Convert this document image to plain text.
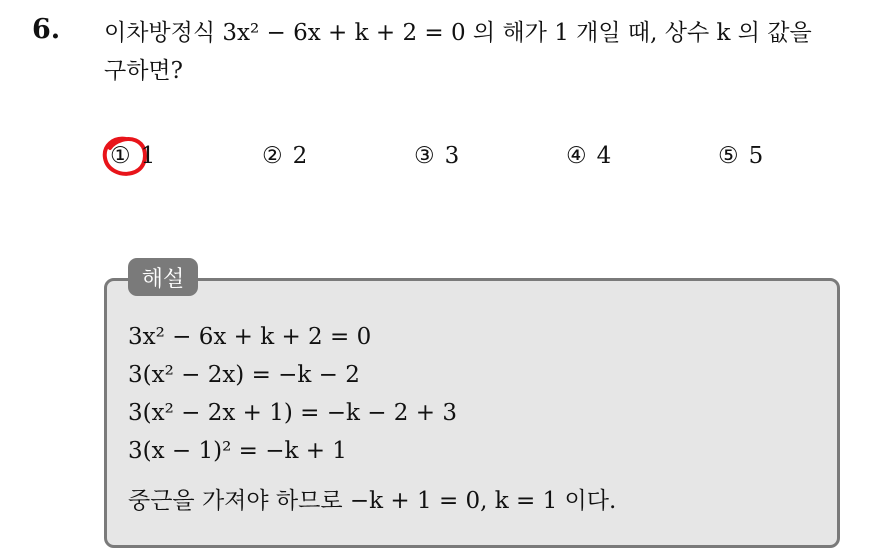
6. 이차방정식 3x² − 6x + k + 2 = 0 의 해가 1 개일 때, 상수 k 의 값을
구하면?
① 1	② 2	③ 3	④ 4	⑤ 5
해설
3x² − 6x + k + 2 = 0
3(x² − 2x) = −k − 2
3(x² − 2x + 1) = −k − 2 + 3
3(x − 1)² = −k + 1
중근을 가져야 하므로 −k + 1 = 0, k = 1 이다.
